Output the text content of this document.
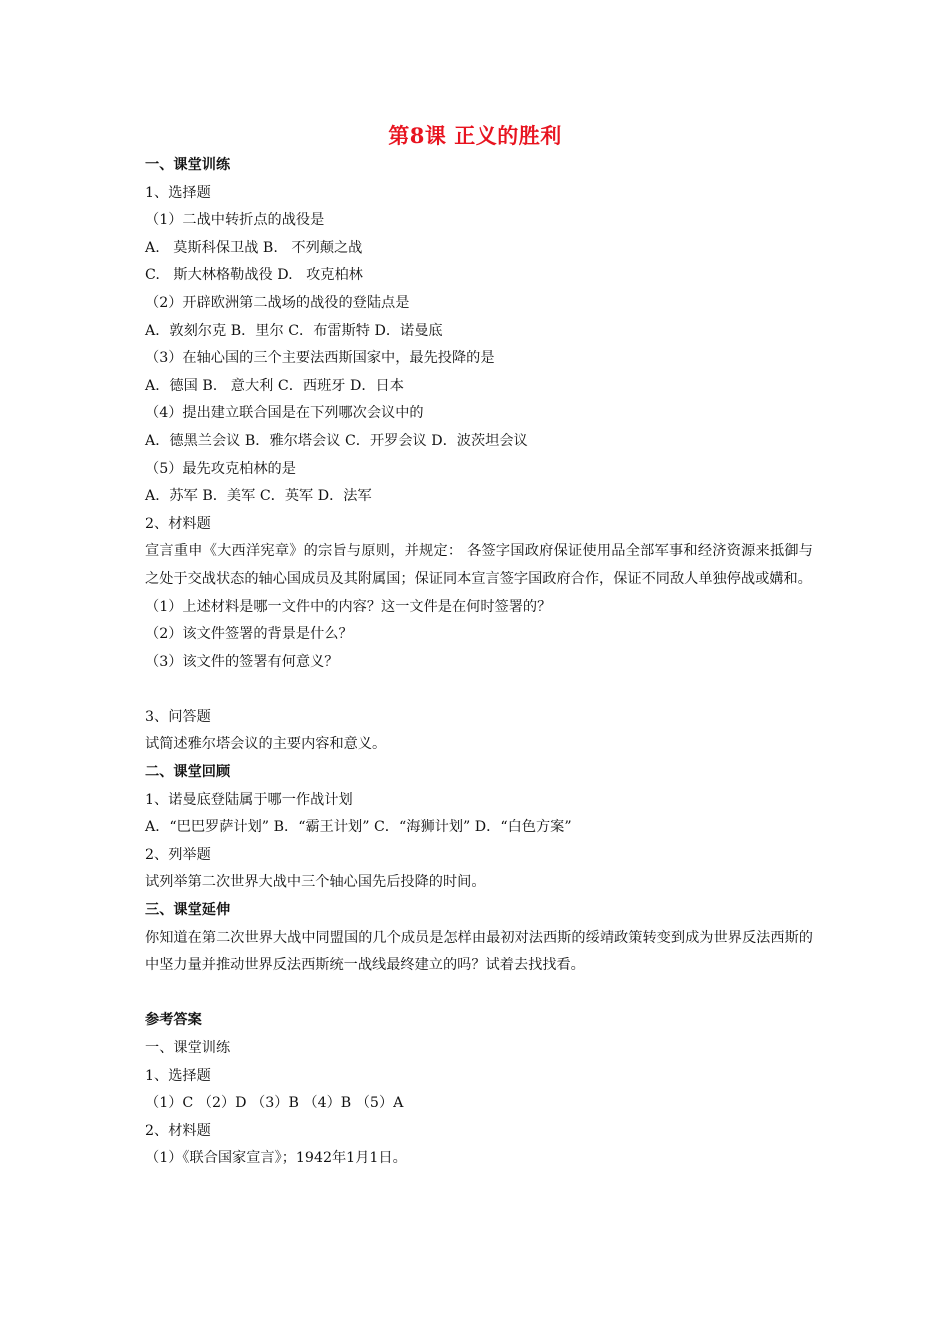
第8课 正义的胜利
一、课堂训练
1、选择题
（1）二战中转折点的战役是
A.   莫斯科保卫战 B.   不列颠之战
C.   斯大林格勒战役 D.   攻克柏林
（2）开辟欧洲第二战场的战役的登陆点是
A．敦刻尔克 B．里尔 C．布雷斯特 D．诺曼底
（3）在轴心国的三个主要法西斯国家中，最先投降的是
A．德国 B.   意大利 C．西班牙 D．日本
（4）提出建立联合国是在下列哪次会议中的
A．德黑兰会议 B．雅尔塔会议 C．开罗会议 D．波茨坦会议
（5）最先攻克柏林的是
A．苏军 B．美军 C．英军 D．法军
2、材料题
宣言重申《大西洋宪章》的宗旨与原则，并规定： 各签字国政府保证使用品全部军事和经济资源来抵御与之处于交战状态的轴心国成员及其附属国；保证同本宣言签字国政府合作，保证不同敌人单独停战或媾和。
（1）上述材料是哪一文件中的内容？这一文件是在何时签署的？
（2）该文件签署的背景是什么？
（3）该文件的签署有何意义？
3、问答题
试简述雅尔塔会议的主要内容和意义。
二、课堂回顾
1、诺曼底登陆属于哪一作战计划
A．“巴巴罗萨计划” B．“霸王计划” C．“海狮计划” D．“白色方案”
2、列举题
试列举第二次世界大战中三个轴心国先后投降的时间。
三、课堂延伸
你知道在第二次世界大战中同盟国的几个成员是怎样由最初对法西斯的绥靖政策转变到成为世界反法西斯的中坚力量并推动世界反法西斯统一战线最终建立的吗？试着去找找看。
参考答案
一、课堂训练
1、选择题
（1）C （2）D （3）B （4）B （5）A
2、材料题
（1）《联合国家宣言》；1942年1月1日。
